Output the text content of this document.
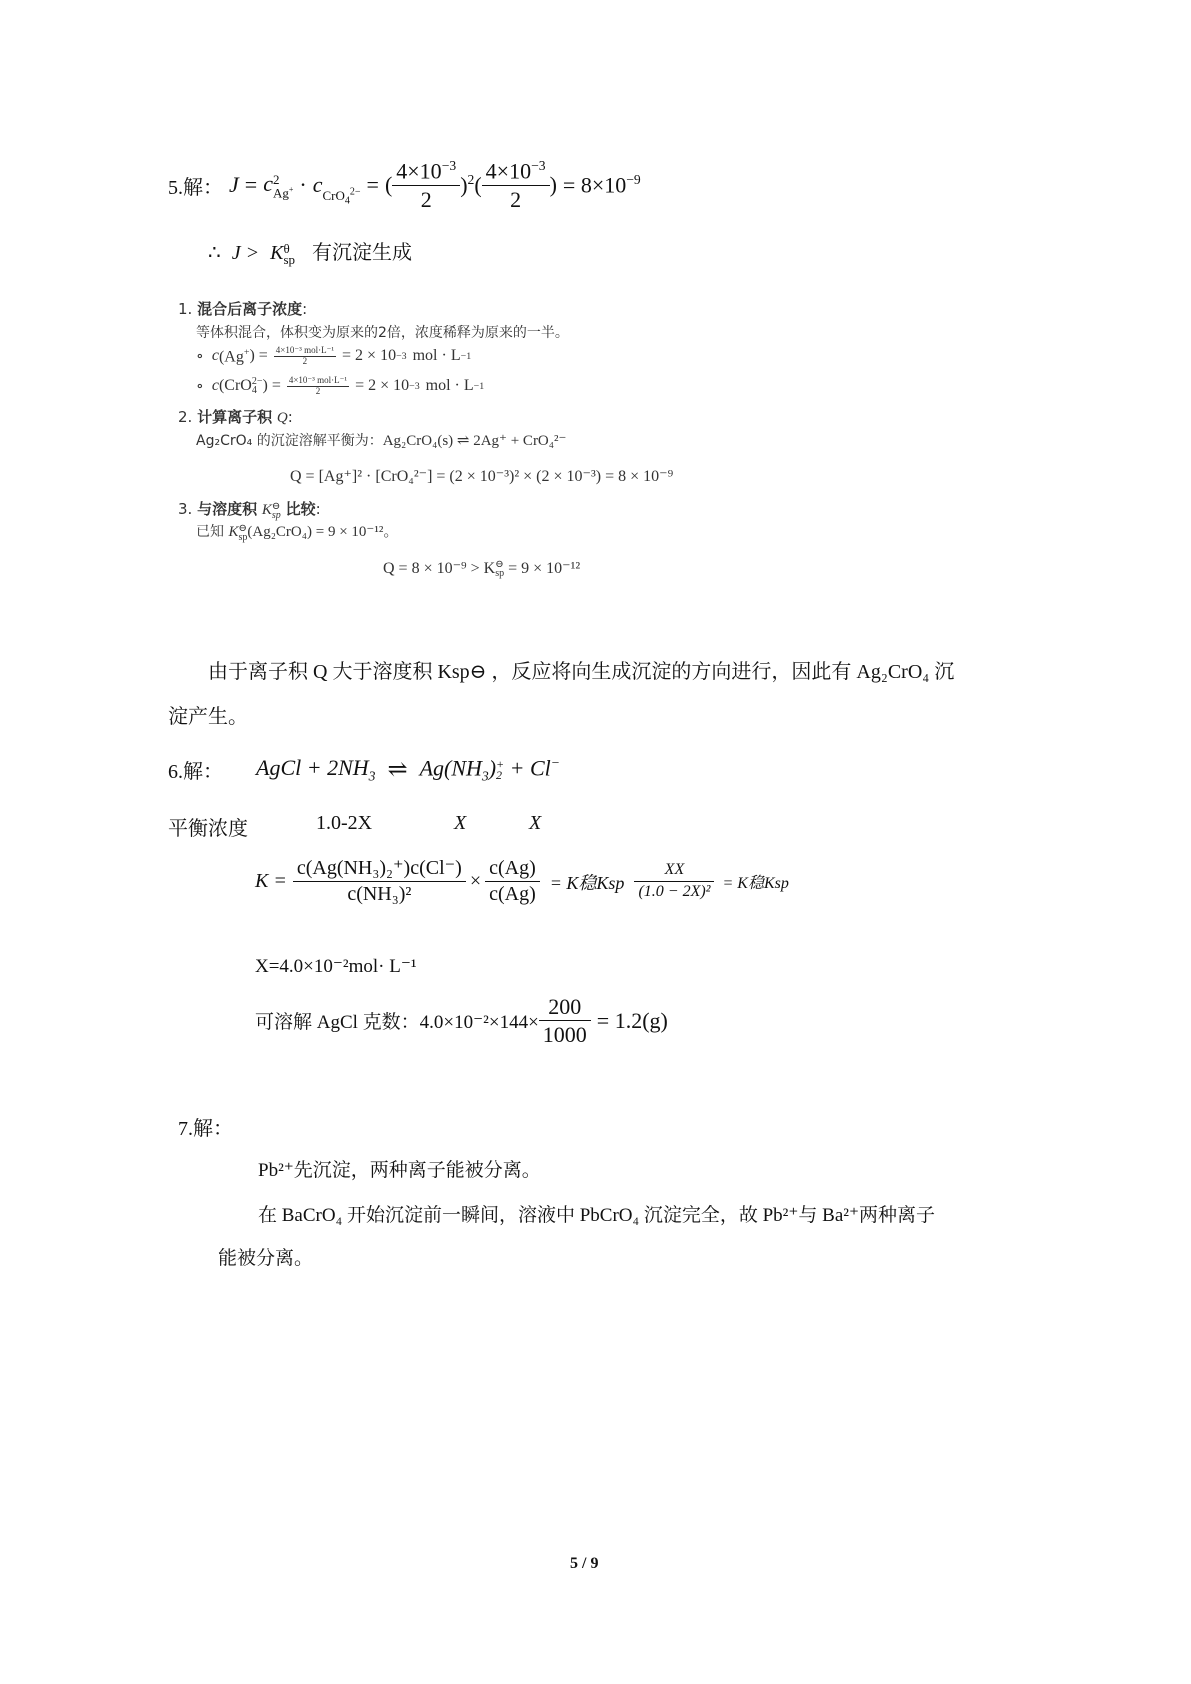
5.解： J = c 2
$Ag^+ \cdot c_{CrO_4^{2-}}$ = ( $\frac{4\times 10^{-3}}{2} )^2( \frac{4\times 10^{-3}}{2}$ ) = $8\times 10^{-9}$
∴ J > K θ
sp 有沉淀生成
1. 混合后离子浓度:
等体积混合，体积变为原来的2倍，浓度稀释为原来的一半。
∘ c (Ag+ ) = 4×10⁻³ mol·L⁻¹
2	= 2 × 10 −3 mol · L −1
∘ c (CrO 2−
4 ) = 4×10⁻³ mol·L⁻¹
2	= 2 × 10 −3 mol · L −1
2. 计算离子积 Q:
Ag₂CrO₄ 的沉淀溶解平衡为：Ag₂CrO₄(s) ⇌ 2Ag⁺ + CrO₄²⁻
Q = [Ag⁺]² · [CrO₄²⁻] = (2 × 10⁻³)² × (2 × 10⁻³) = 8 × 10⁻⁹
3. 与溶度积 K ⊖
sp 比较:
已知 K ⊖
sp (Ag₂CrO₄) = 9 × 10⁻¹²。
Q = 8 × 10⁻⁹ > K ⊖
sp = 9 × 10⁻¹²
由于离子积 Q 大于溶度积 Ksp⊖ ，反应将向生成沉淀的方向进行，因此有 Ag₂CrO₄ 沉
淀产生。
6.解：	AgCl + $2NH_3$ ⇌ $Ag(NH_3)$ +
2 + Cl−
平衡浓度	1.0-2X	X	X
$K = \frac{\text{c(Ag(NH₃)₂⁺)c(Cl⁻)}}{\text{c(NH₃)²}} \times \frac{c(Ag)}{c(Ag)} = K$稳Ksp $\frac{XX}{\text{(1.0 − 2X)²}} = K$稳Ksp
X=4.0×10⁻²mol· L⁻¹
可溶解 AgCl 克数：$4.0\times 10^{-2}\times 144\times \frac{200}{1000} = 1.2(g)$
7.解：
Pb²⁺先沉淀，两种离子能被分离。
在 BaCrO₄ 开始沉淀前一瞬间，溶液中 PbCrO₄ 沉淀完全，故 Pb²⁺与 Ba²⁺两种离子
能被分离。
5 / 9
